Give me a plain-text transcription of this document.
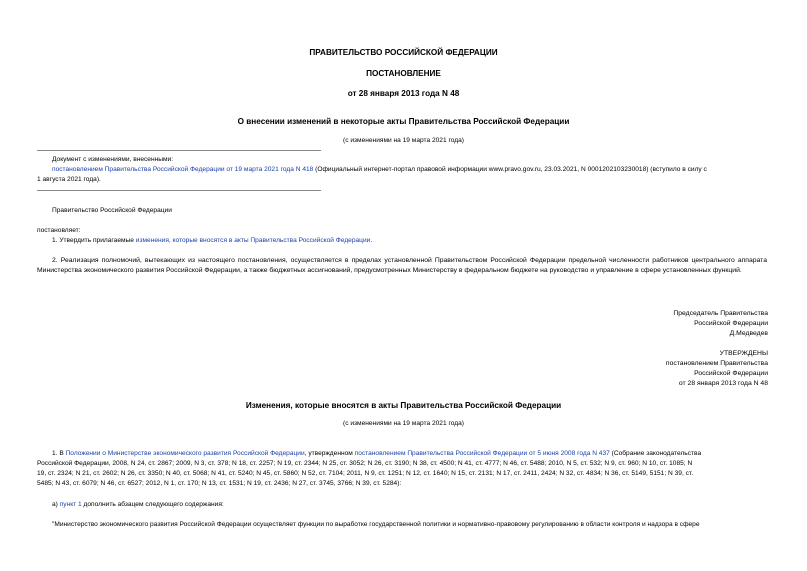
ПРАВИТЕЛЬСТВО РОССИЙСКОЙ ФЕДЕРАЦИИ
ПОСТАНОВЛЕНИЕ
от 28 января 2013 года N 48
О внесении изменений в некоторые акты Правительства Российской Федерации
(с изменениями на 19 марта 2021 года)
Документ с изменениями, внесенными:
постановлением Правительства Российской Федерации от 19 марта 2021 года N 418 (Официальный интернет-портал правовой информации www.pravo.gov.ru, 23.03.2021, N 0001202103230018) (вступило в силу с
1 августа 2021 года).
Правительство Российской Федерации
постановляет:
1. Утвердить прилагаемые изменения, которые вносятся в акты Правительства Российской Федерации.
2. Реализация полномочий, вытекающих из настоящего постановления, осуществляется в пределах установленной Правительством Российской Федерации предельной численности работников центрального аппарата Министерства экономического развития Российской Федерации, а также бюджетных ассигнований, предусмотренных Министерству в федеральном бюджете на руководство и управление в сфере установленных функций.
Председатель Правительства
Российской Федерации
Д.Медведев
УТВЕРЖДЕНЫ
постановлением Правительства
Российской Федерации
от 28 января 2013 года N 48
Изменения, которые вносятся в акты Правительства Российской Федерации
(с изменениями на 19 марта 2021 года)
1. В Положении о Министерстве экономического развития Российской Федерации, утвержденном постановлением Правительства Российской Федерации от 5 июня 2008 года N 437 (Собрание законодательства
Российской Федерации, 2008, N 24, ст. 2867; 2009, N 3, ст. 378; N 18, ст. 2257; N 19, ст. 2344; N 25, ст. 3052; N 26, ст. 3190; N 38, ст. 4500; N 41, ст. 4777; N 46, ст. 5488; 2010, N 5, ст. 532; N 9, ст. 960; N 10, ст. 1085; N
19, ст. 2324; N 21, ст. 2602; N 26, ст. 3350; N 40, ст. 5068; N 41, ст. 5240; N 45, ст. 5860; N 52, ст. 7104; 2011, N 9, ст. 1251; N 12, ст. 1640; N 15, ст. 2131; N 17, ст. 2411, 2424; N 32, ст. 4834; N 36, ст. 5149, 5151; N 39, ст.
5485; N 43, ст. 6079; N 46, ст. 6527; 2012, N 1, ст. 170; N 13, ст. 1531; N 19, ст. 2436; N 27, ст. 3745, 3766; N 39, ст. 5284):
а) пункт 1 дополнить абзацем следующего содержания:
"Министерство экономического развития Российской Федерации осуществляет функции по выработке государственной политики и нормативно-правовому регулированию в области контроля и надзора в сфере
